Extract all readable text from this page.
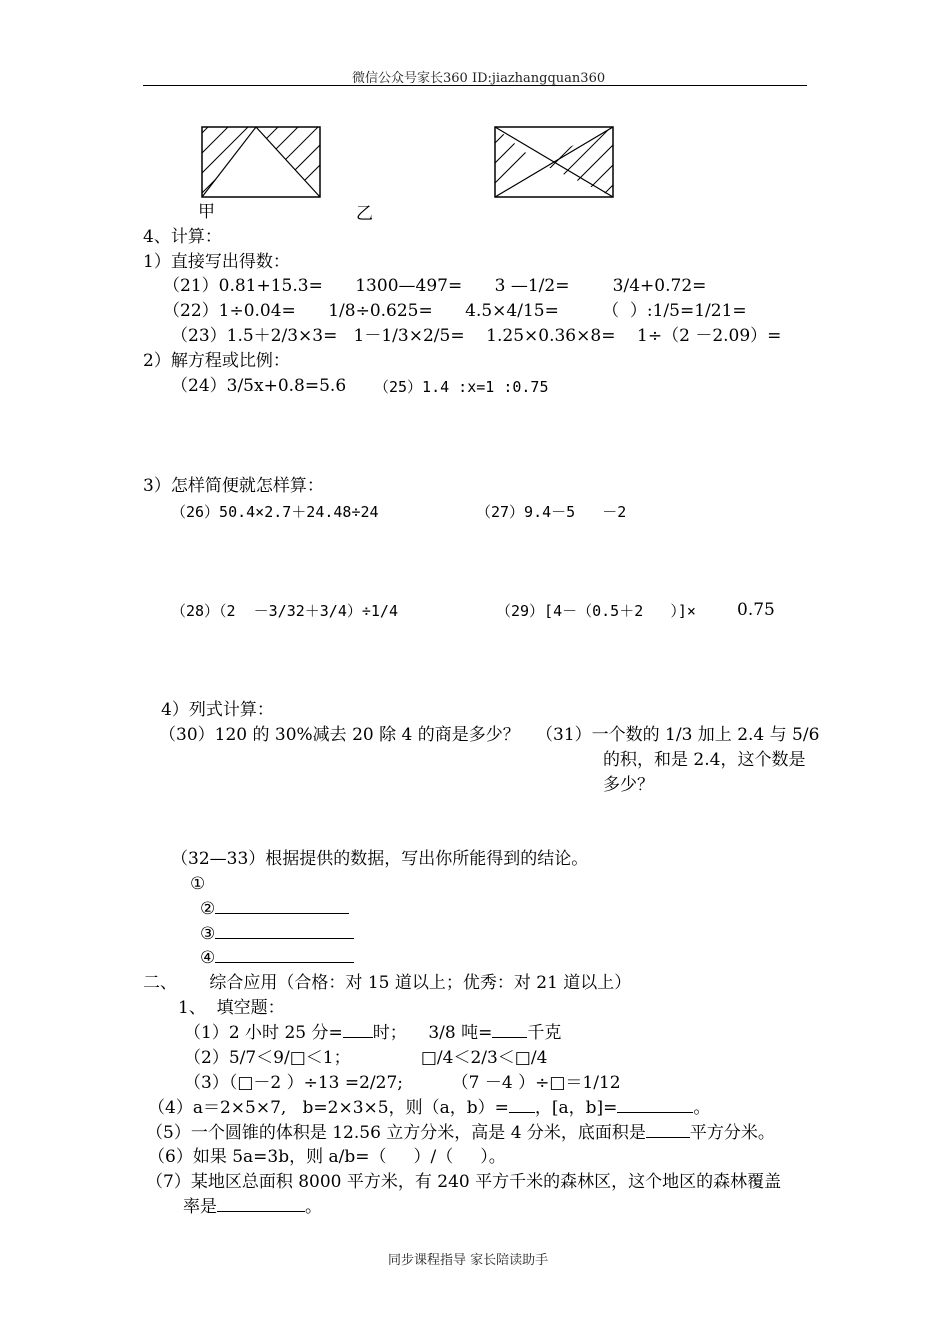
微信公众号家长360 ID:jiazhangquan360
甲	乙
4、计算：
1）直接写出得数：
（21）0.81+15.3=      1300—497=      3 —1/2=        3/4+0.72=
（22）1÷0.04=      1/8÷0.625=      4.5×4/15=        （  ）:1/5=1/21=
（23）1.5＋2/3×3=   1－1/3×2/5=    1.25×0.36×8=    1÷（2 －2.09）=
2）解方程或比例：
（24）3/5x+0.8=5.6 （25）1.4 :x=1 :0.75
3）怎样简便就怎样算：
（26）50.4×2.7＋24.48÷24	（27）9.4－5   －2
（28）（2  －3/32＋3/4）÷1/4	（29）[4－（0.5＋2   ）]× 0.75
4）列式计算：
（30）120 的 30%减去 20 除 4 的商是多少？ （31）一个数的 1/3 加上 2.4 与 5/6
的积，和是 2.4，这个数是
多少？
（32—33）根据提供的数据，写出你所能得到的结论。
①
②
③
④
二、      综合应用（合格：对 15 道以上；优秀：对 21 道以上）
1、  填空题：
（1）2 小时 25 分= 时；    3/8 吨= 千克
（2）5/7＜9/□＜1；             □/4＜2/3＜□/4
（3）（□－2 ）÷13 =2/27;         （7 －4 ）÷□＝1/12
（4）a＝2×5×7,   b=2×3×5，则（a，b）= ，[a，b]=	。
（5）一个圆锥的体积是 12.56 立方分米，高是 4 分米，底面积是	平方分米。
（6）如果 5a=3b，则 a/b=（     ）/（     ）。
（7）某地区总面积 8000 平方米，有 240 平方千米的森林区，这个地区的森林覆盖
率是	。
同步课程指导 家长陪读助手
